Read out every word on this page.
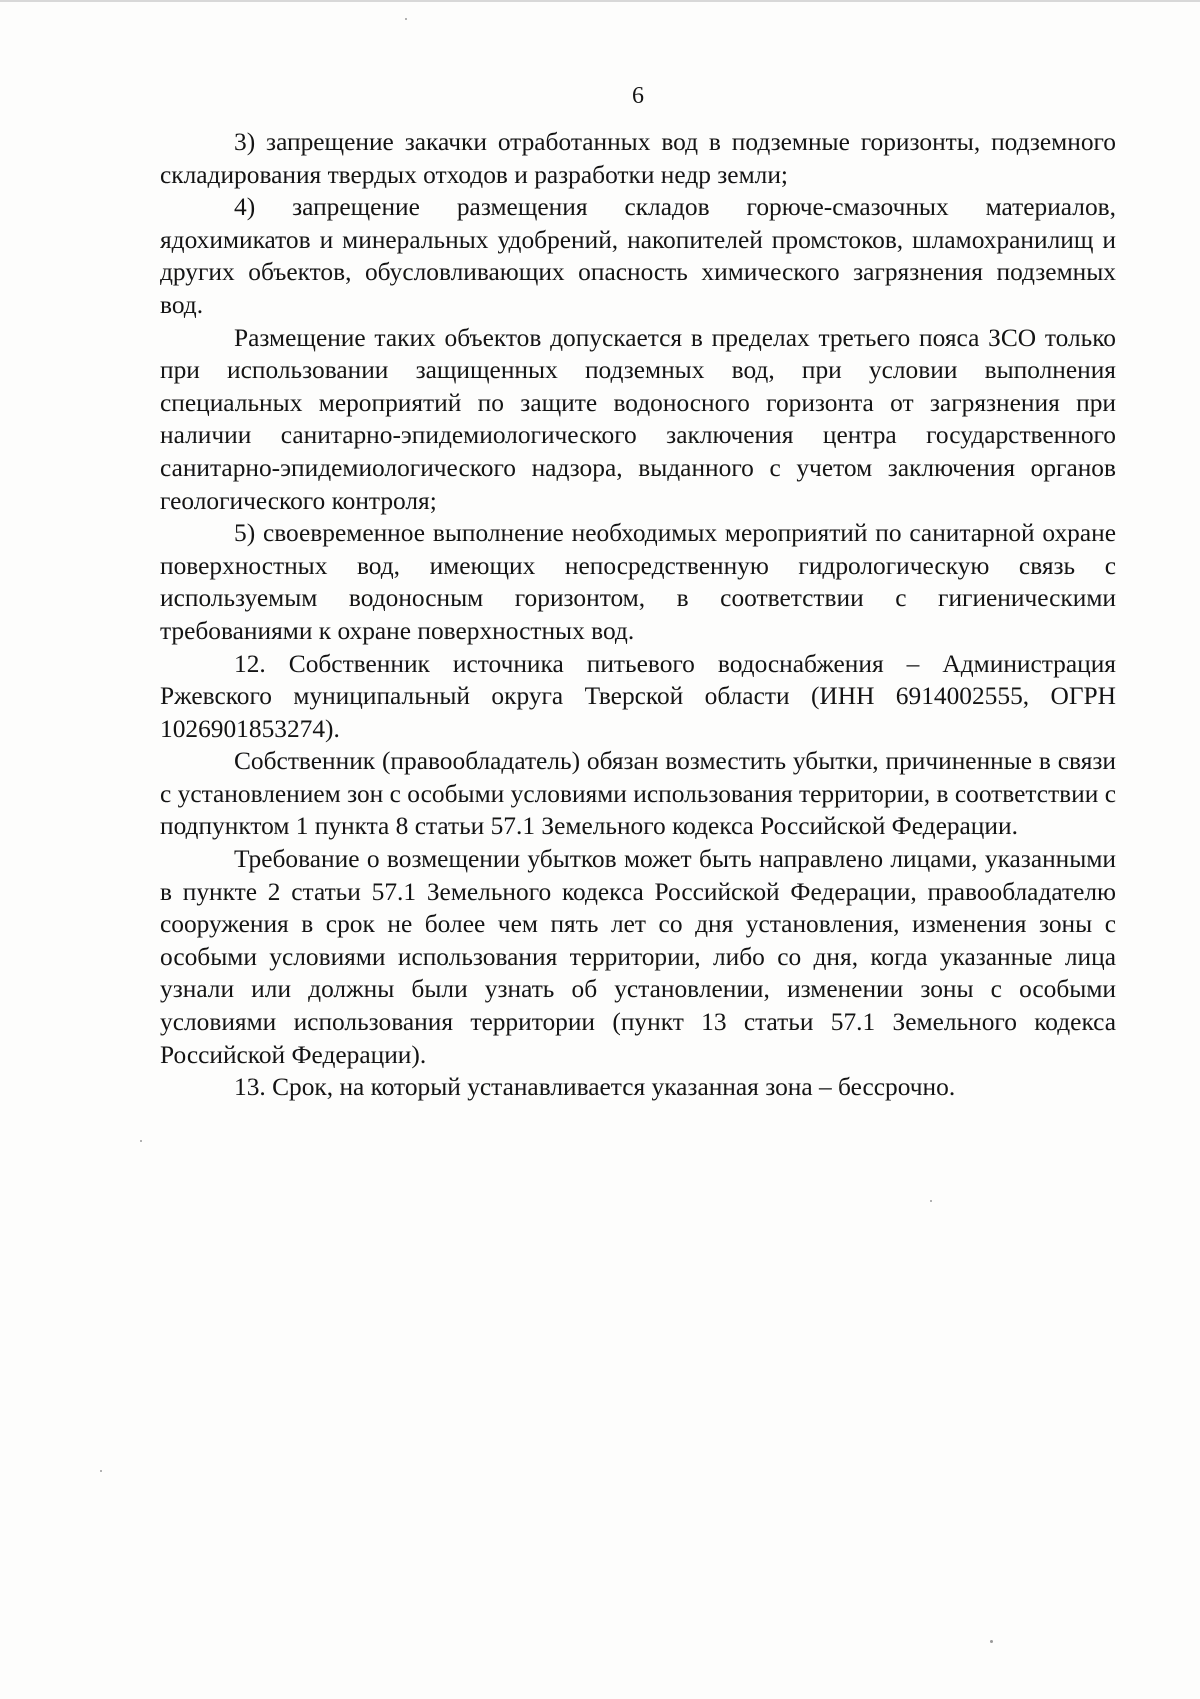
6

3) запрещение закачки отработанных вод в подземные горизонты, подземного складирования твердых отходов и разработки недр земли;

4) запрещение размещения складов горюче-смазочных материалов, ядохимикатов и минеральных удобрений, накопителей промстоков, шламохранилищ и других объектов, обусловливающих опасность химического загрязнения подземных вод.

Размещение таких объектов допускается в пределах третьего пояса ЗСО только при использовании защищенных подземных вод, при условии выполнения специальных мероприятий по защите водоносного горизонта от загрязнения при наличии санитарно-эпидемиологического заключения центра государственного санитарно-эпидемиологического надзора, выданного с учетом заключения органов геологического контроля;

5) своевременное выполнение необходимых мероприятий по санитарной охране поверхностных вод, имеющих непосредственную гидрологическую связь с используемым водоносным горизонтом, в соответствии с гигиеническими требованиями к охране поверхностных вод.

12. Собственник источника питьевого водоснабжения – Администрация Ржевского муниципальный округа Тверской области (ИНН 6914002555, ОГРН 1026901853274).

Собственник (правообладатель) обязан возместить убытки, причиненные в связи с установлением зон с особыми условиями использования территории, в соответствии с подпунктом 1 пункта 8 статьи 57.1 Земельного кодекса Российской Федерации.

Требование о возмещении убытков может быть направлено лицами, указанными в пункте 2 статьи 57.1 Земельного кодекса Российской Федерации, правообладателю сооружения в срок не более чем пять лет со дня установления, изменения зоны с особыми условиями использования территории, либо со дня, когда указанные лица узнали или должны были узнать об установлении, изменении зоны с особыми условиями использования территории (пункт 13 статьи 57.1 Земельного кодекса Российской Федерации).

13. Срок, на который устанавливается указанная зона – бессрочно.
